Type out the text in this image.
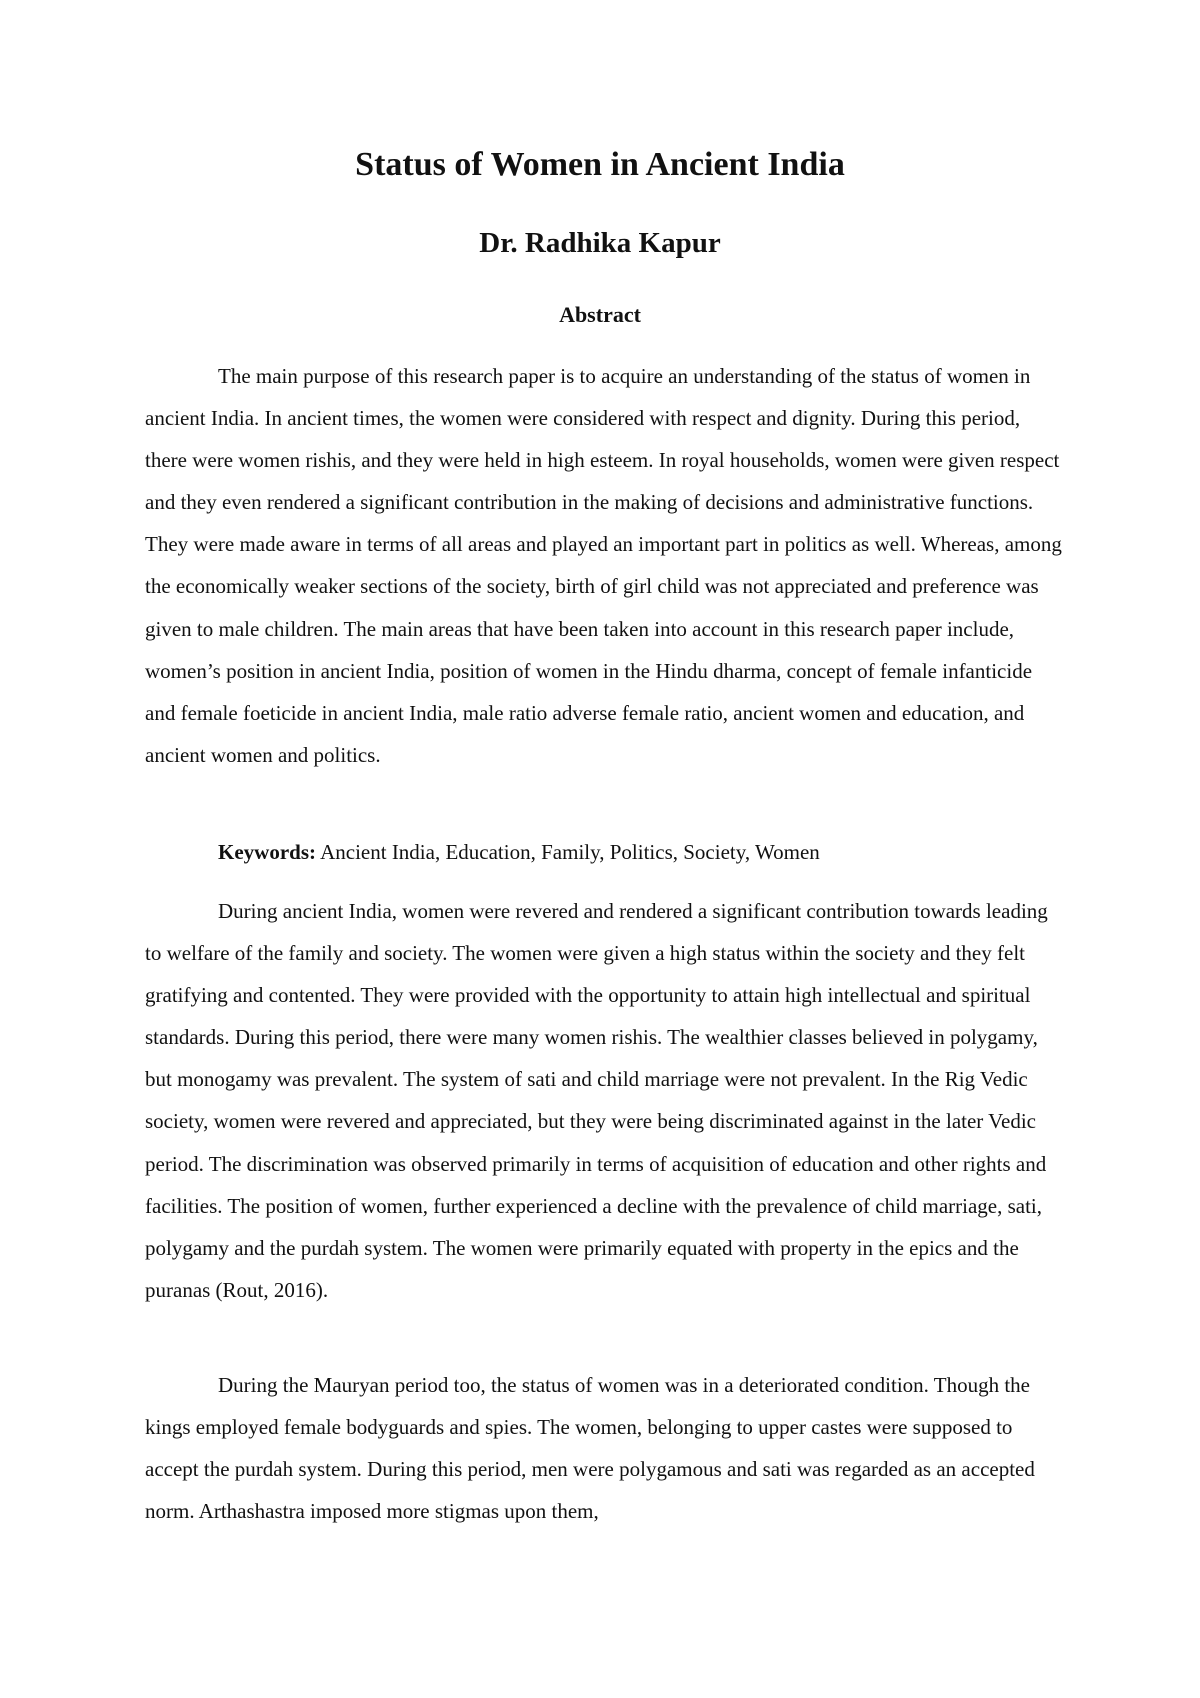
Status of Women in Ancient India
Dr. Radhika Kapur
Abstract

The main purpose of this research paper is to acquire an understanding of the status of women in ancient India. In ancient times, the women were considered with respect and dignity. During this period, there were women rishis, and they were held in high esteem. In royal households, women were given respect and they even rendered a significant contribution in the making of decisions and administrative functions. They were made aware in terms of all areas and played an important part in politics as well. Whereas, among the economically weaker sections of the society, birth of girl child was not appreciated and preference was given to male children. The main areas that have been taken into account in this research paper include, women’s position in ancient India, position of women in the Hindu dharma, concept of female infanticide and female foeticide in ancient India, male ratio adverse female ratio, ancient women and education, and ancient women and politics.

Keywords: Ancient India, Education, Family, Politics, Society, Women

During ancient India, women were revered and rendered a significant contribution towards leading to welfare of the family and society. The women were given a high status within the society and they felt gratifying and contented. They were provided with the opportunity to attain high intellectual and spiritual standards. During this period, there were many women rishis. The wealthier classes believed in polygamy, but monogamy was prevalent. The system of sati and child marriage were not prevalent. In the Rig Vedic society, women were revered and appreciated, but they were being discriminated against in the later Vedic period. The discrimination was observed primarily in terms of acquisition of education and other rights and facilities. The position of women, further experienced a decline with the prevalence of child marriage, sati, polygamy and the purdah system. The women were primarily equated with property in the epics and the puranas (Rout, 2016).

During the Mauryan period too, the status of women was in a deteriorated condition. Though the kings employed female bodyguards and spies. The women, belonging to upper castes were supposed to accept the purdah system. During this period, men were polygamous and sati was regarded as an accepted norm. Arthashastra imposed more stigmas upon them,
